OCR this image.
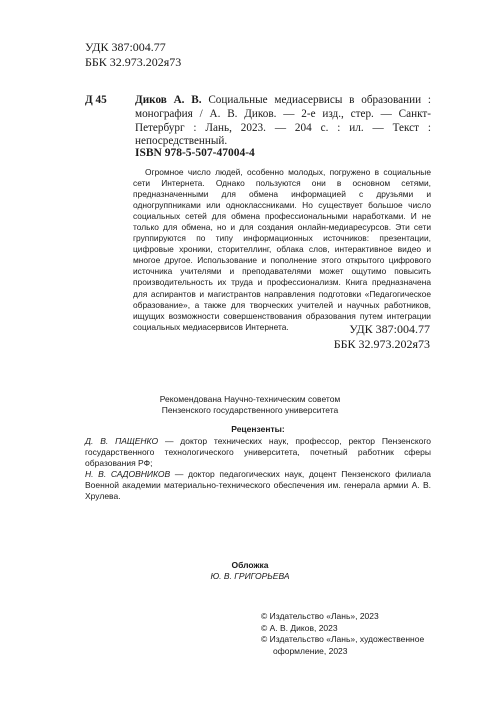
УДК 387:004.77
ББК 32.973.202я73
Д 45	Диков А. В. Социальные медиасервисы в образовании : монография / А. В. Диков. — 2-е изд., стер. — Санкт-Петербург : Лань, 2023. — 204 с. : ил. — Текст : непосредственный.
ISBN 978-5-507-47004-4

Огромное число людей, особенно молодых, погружено в социальные сети Интернета. Однако пользуются они в основном сетями, предназначенными для обмена информацией с друзьями и одногруппниками или одноклассниками. Но существует большое число социальных сетей для обмена профессиональными наработками. И не только для обмена, но и для создания онлайн-медиаресурсов. Эти сети группируются по типу информационных источников: презентации, цифровые хроники, сторителлинг, облака слов, интерактивное видео и многое другое. Использование и пополнение этого открытого цифрового источника учителями и преподавателями может ощутимо повысить производительность их труда и профессионализм. Книга предназначена для аспирантов и магистрантов направления подготовки «Педагогическое образование», а также для творческих учителей и научных работников, ищущих возможности совершенствования образования путем интеграции социальных медиасервисов Интернета.	УДК 387:004.77
ББК 32.973.202я73
Рекомендована Научно-техническим советом
Пензенского государственного университета
Рецензенты:
Д. В. ПАЩЕНКО — доктор технических наук, профессор, ректор Пензенского государственного технологического университета, почетный работник сферы образования РФ;
Н. В. САДОВНИКОВ — доктор педагогических наук, доцент Пензенского филиала Военной академии материально-технического обеспечения им. генерала армии А. В. Хрулева.
Обложка
Ю. В. ГРИГОРЬЕВА
© Издательство «Лань», 2023
© А. В. Диков, 2023
© Издательство «Лань», художественное оформление, 2023
